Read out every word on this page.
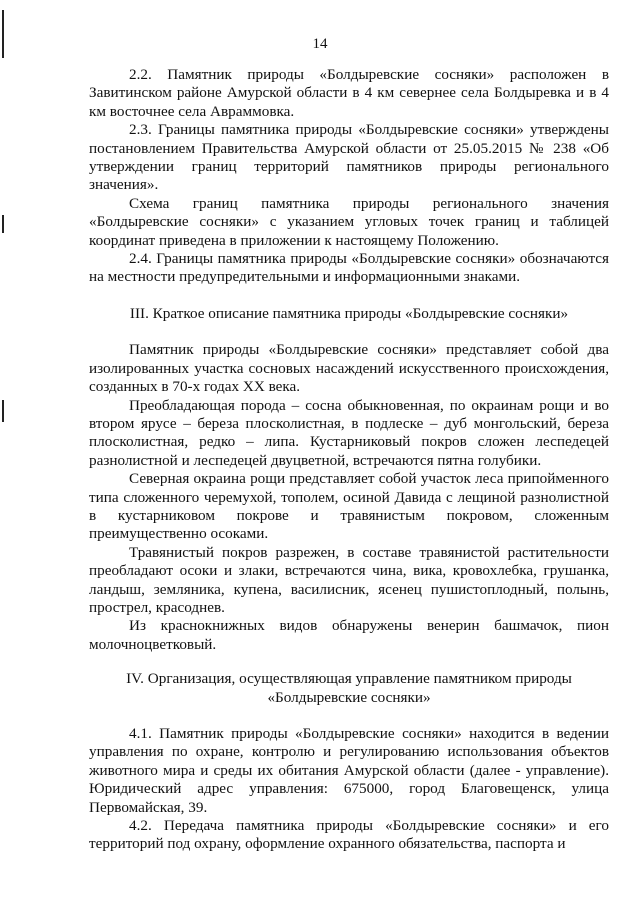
14

2.2. Памятник природы «Болдыревские сосняки» расположен в Завитинском районе Амурской области в 4 км севернее села Болдыревка и в 4 км восточнее села Авраммовка.

2.3. Границы памятника природы «Болдыревские сосняки» утверждены постановлением Правительства Амурской области от 25.05.2015 № 238 «Об утверждении границ территорий памятников природы регионального значения».

Схема границ памятника природы регионального значения «Болдыревские сосняки» с указанием угловых точек границ и таблицей координат приведена в приложении к настоящему Положению.

2.4. Границы памятника природы «Болдыревские сосняки» обозначаются на местности предупредительными и информационными знаками.

III. Краткое описание памятника природы «Болдыревские сосняки»

Памятник природы «Болдыревские сосняки» представляет собой два изолированных участка сосновых насаждений искусственного происхождения, созданных в 70-х годах XX века.

Преобладающая порода – сосна обыкновенная, по окраинам рощи и во втором ярусе – береза плосколистная, в подлеске – дуб монгольский, береза плосколистная, редко – липа. Кустарниковый покров сложен леспедецей разнолистной и леспедецей двуцветной, встречаются пятна голубики.

Северная окраина рощи представляет собой участок леса припойменного типа сложенного черемухой, тополем, осиной Давида с лещиной разнолистной в кустарниковом покрове и травянистым покровом, сложенным преимущественно осоками.

Травянистый покров разрежен, в составе травянистой растительности преобладают осоки и злаки, встречаются чина, вика, кровохлебка, грушанка, ландыш, земляника, купена, василисник, ясенец пушистоплодный, полынь, прострел, красоднев.

Из краснокнижных видов обнаружены венерин башмачок, пион молочноцветковый.

IV. Организация, осуществляющая управление памятником природы

«Болдыревские сосняки»

4.1. Памятник природы «Болдыревские сосняки» находится в ведении управления по охране, контролю и регулированию использования объектов животного мира и среды их обитания Амурской области (далее - управление). Юридический адрес управления: 675000, город Благовещенск, улица Первомайская, 39.

4.2. Передача памятника природы «Болдыревские сосняки» и его территорий под охрану, оформление охранного обязательства, паспорта и
